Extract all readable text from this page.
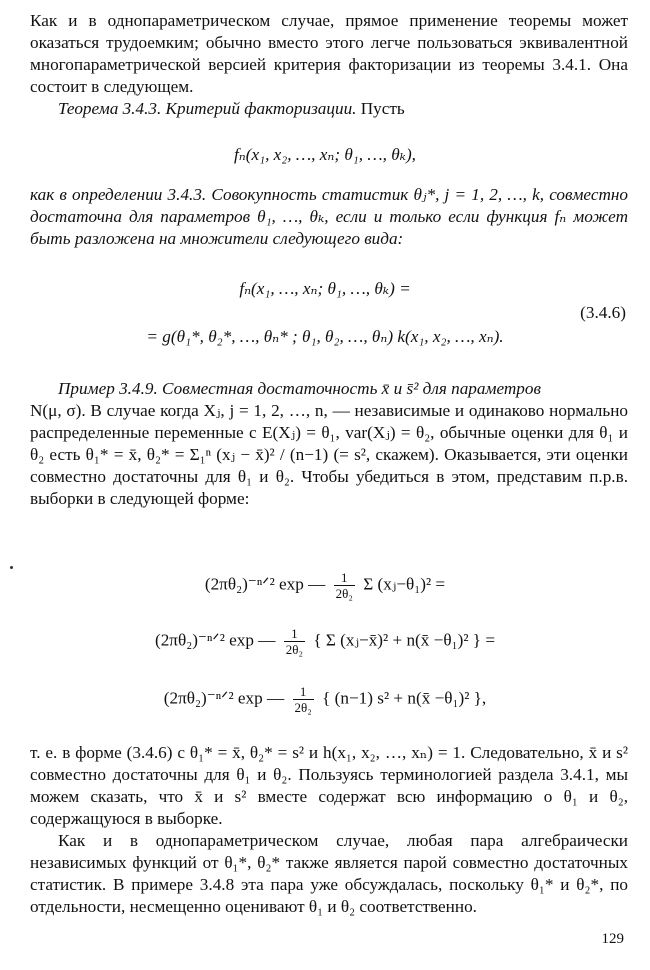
Как и в однопараметрическом случае, прямое применение теоремы может оказаться трудоемким; обычно вместо этого легче пользоваться эквивалентной многопараметрической версией критерия факторизации из теоремы 3.4.1. Она состоит в следующем.

Теорема 3.4.3. Критерий факторизации. Пусть

fₙ(x₁, x₂, …, xₙ; θ₁, …, θₖ),

как в определении 3.4.3. Совокупность статистик θⱼ*, j = 1, 2, …, k, совместно достаточна для параметров θ₁, …, θₖ, если и только если функция fₙ может быть разложена на множители следующего вида:

fₙ(x₁, …, xₙ; θ₁, …, θₖ) =
(3.4.6)
= g(θ₁*, θ₂*, …, θₙ* ; θ₁, θ₂, …, θₙ) k(x₁, x₂, …, xₙ).

Пример 3.4.9. Совместная достаточность x̄ и s̄² для параметров

N(μ, σ). В случае когда Xⱼ, j = 1, 2, …, n, — независимые и одинаково нормально распределенные переменные с E(Xⱼ) = θ₁, var(Xⱼ) = θ₂, обычные оценки для θ₁ и θ₂ есть θ₁* = x̄, θ₂* = Σ₁ⁿ (xⱼ − x̄)² / (n−1) (= s², скажем). Оказывается, эти оценки совместно достаточны для θ₁ и θ₂. Чтобы убедиться в этом, представим п.р.в. выборки в следующей форме:

(2πθ₂)⁻ⁿᐟ² exp — $\frac{1}{\text{2θ₂}}$ Σ (xⱼ−θ₁)² =
(2πθ₂)⁻ⁿᐟ² exp — $\frac{1}{\text{2θ₂}}$ { Σ (xⱼ−x̄)² + n(x̄ −θ₁)² } =
(2πθ₂)⁻ⁿᐟ² exp — $\frac{1}{\text{2θ₂}}$ { (n−1) s² + n(x̄ −θ₁)² },

т. е. в форме (3.4.6) с θ₁* = x̄, θ₂* = s² и h(x₁, x₂, …, xₙ) = 1. Следовательно, x̄ и s² совместно достаточны для θ₁ и θ₂. Пользуясь терминологией раздела 3.4.1, мы можем сказать, что x̄ и s² вместе содержат всю информацию о θ₁ и θ₂, содержащуюся в выборке.

Как и в однопараметрическом случае, любая пара алгебраически независимых функций от θ₁*, θ₂* также является парой совместно достаточных статистик. В примере 3.4.8 эта пара уже обсуждалась, поскольку θ₁* и θ₂*, по отдельности, несмещенно оценивают θ₁ и θ₂ соответственно.

129
